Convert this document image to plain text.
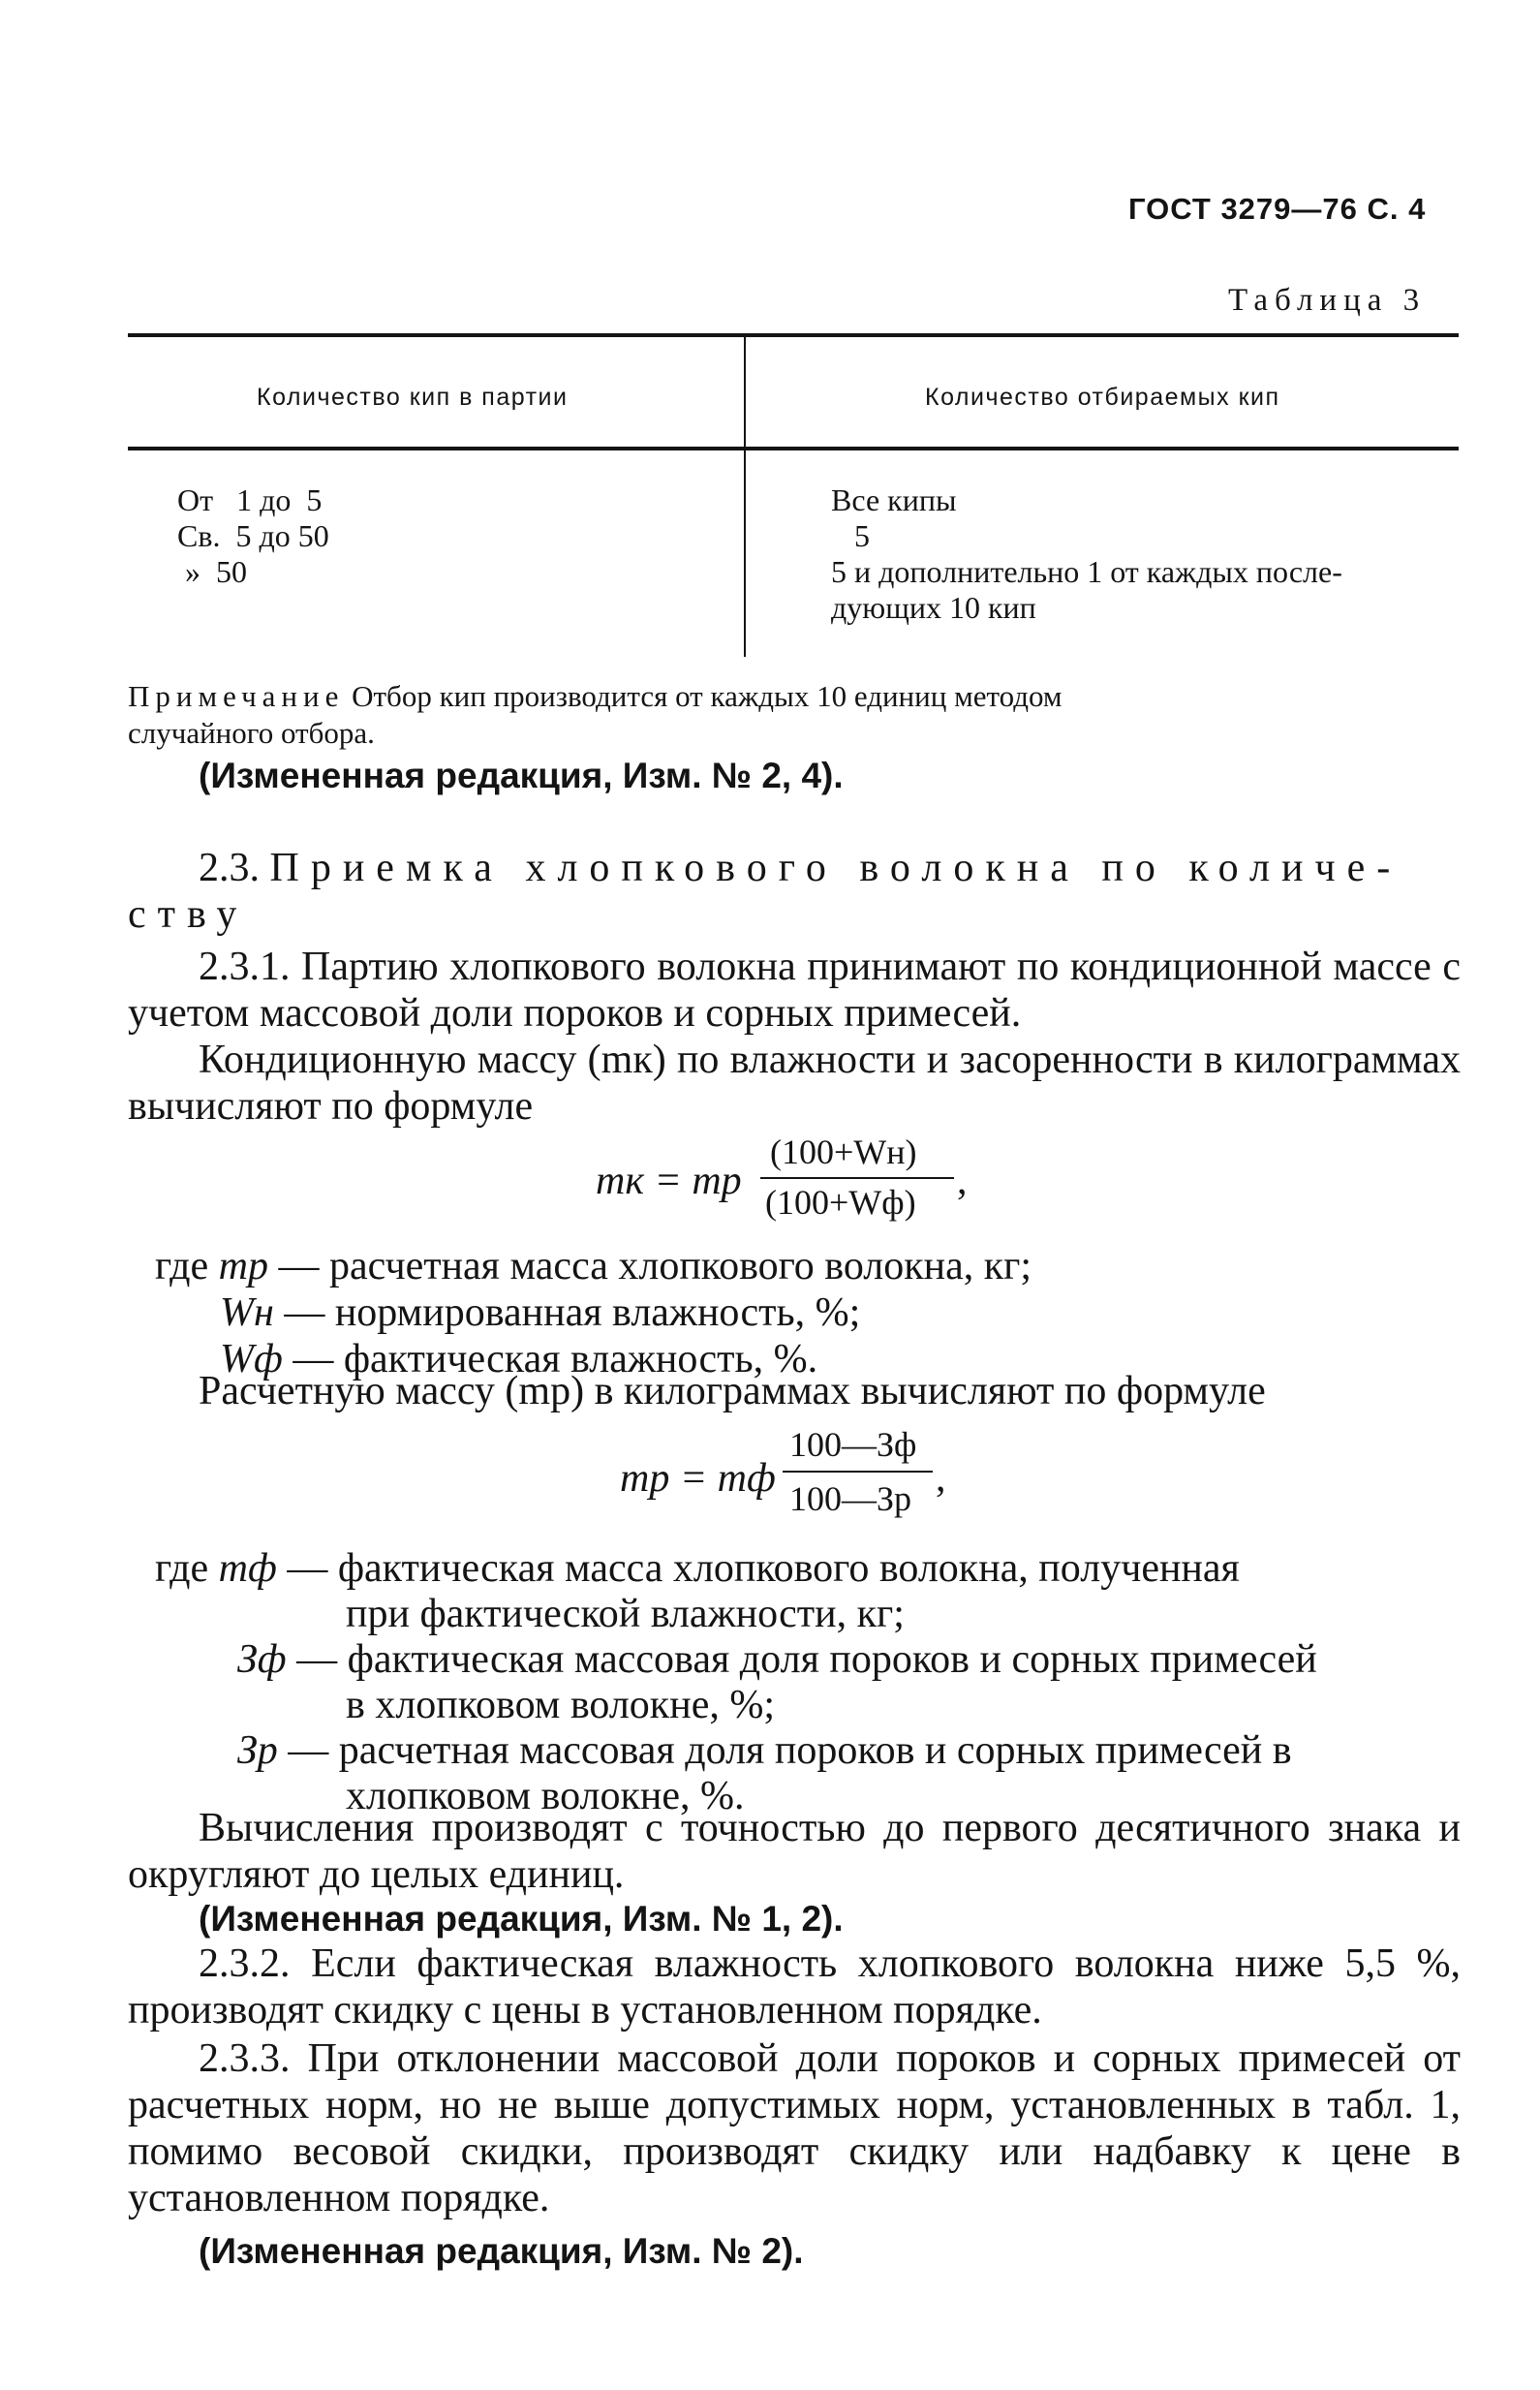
ГОСТ 3279—76 С. 4
Таблица 3
Количество кип в партии	Количество отбираемых кип
От   1 до  5
Св.  5 до 50
»  50
Все кипы
5
5 и дополнительно 1 от каждых после-
дующих 10 кип
Примечание Отбор кип производится от каждых 10 единиц методом
случайного отбора.
(Измененная редакция, Изм. № 2, 4).
2.3. Приемка хлопкового волокна по количе-
ству
2.3.1. Партию хлопкового волокна принимают по кондиционной массе с учетом массовой доли пороков и сорных примесей.
Кондиционную массу (mк) по влажности и засоренности в килограммах вычисляют по формуле
mк = mр
(100+Wн)
(100+Wф) ,
где mр — расчетная масса хлопкового волокна, кг;
Wн — нормированная влажность, %;
Wф — фактическая влажность, %.
Расчетную массу (mр) в килограммах вычисляют по формуле
mр = mф
100—Зф
100—Зр ,
где mф — фактическая масса хлопкового волокна, полученная
при фактической влажности, кг;
Зф — фактическая массовая доля пороков и сорных примесей
в хлопковом волокне, %;
Зр — расчетная массовая доля пороков и сорных примесей в
хлопковом волокне, %.
Вычисления производят с точностью до первого десятичного знака и округляют до целых единиц.
(Измененная редакция, Изм. № 1, 2).
2.3.2. Если фактическая влажность хлопкового волокна ниже 5,5 %, производят скидку с цены в установленном порядке.
2.3.3. При отклонении массовой доли пороков и сорных примесей от расчетных норм, но не выше допустимых норм, установленных в табл. 1, помимо весовой скидки, производят скидку или надбавку к цене в установленном порядке.
(Измененная редакция, Изм. № 2).
